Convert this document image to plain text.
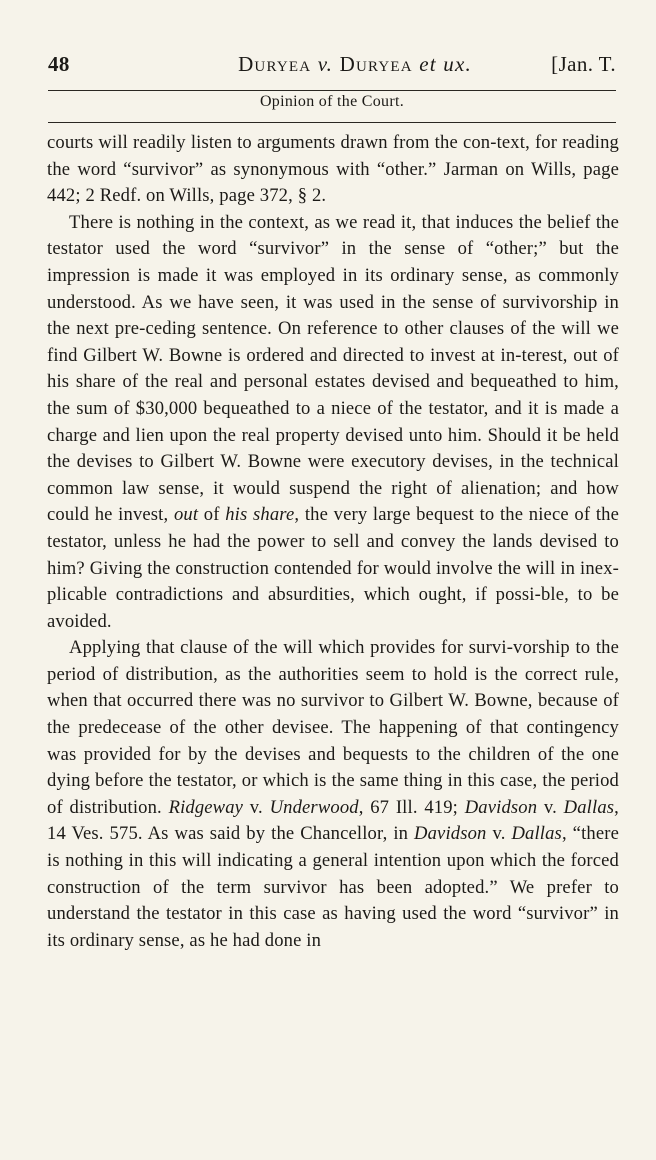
48	Duryea v. Duryea et ux.	[Jan. T.
Opinion of the Court.

courts will readily listen to arguments drawn from the con-text, for reading the word “survivor” as synonymous with “other.” Jarman on Wills, page 442; 2 Redf. on Wills, page 372, § 2.

There is nothing in the context, as we read it, that induces the belief the testator used the word “survivor” in the sense of “other;” but the impression is made it was employed in its ordinary sense, as commonly understood. As we have seen, it was used in the sense of survivorship in the next pre-ceding sentence. On reference to other clauses of the will we find Gilbert W. Bowne is ordered and directed to invest at in-terest, out of his share of the real and personal estates devised and bequeathed to him, the sum of $30,000 bequeathed to a niece of the testator, and it is made a charge and lien upon the real property devised unto him. Should it be held the devises to Gilbert W. Bowne were executory devises, in the technical common law sense, it would suspend the right of alienation; and how could he invest, out of his share, the very large bequest to the niece of the testator, unless he had the power to sell and convey the lands devised to him? Giving the construction contended for would involve the will in inex-plicable contradictions and absurdities, which ought, if possi-ble, to be avoided.

Applying that clause of the will which provides for survi-vorship to the period of distribution, as the authorities seem to hold is the correct rule, when that occurred there was no survivor to Gilbert W. Bowne, because of the predecease of the other devisee. The happening of that contingency was provided for by the devises and bequests to the children of the one dying before the testator, or which is the same thing in this case, the period of distribution. Ridgeway v. Underwood, 67 Ill. 419; Davidson v. Dallas, 14 Ves. 575. As was said by the Chancellor, in Davidson v. Dallas, “there is nothing in this will indicating a general intention upon which the forced construction of the term survivor has been adopted.” We prefer to understand the testator in this case as having used the word “survivor” in its ordinary sense, as he had done in
